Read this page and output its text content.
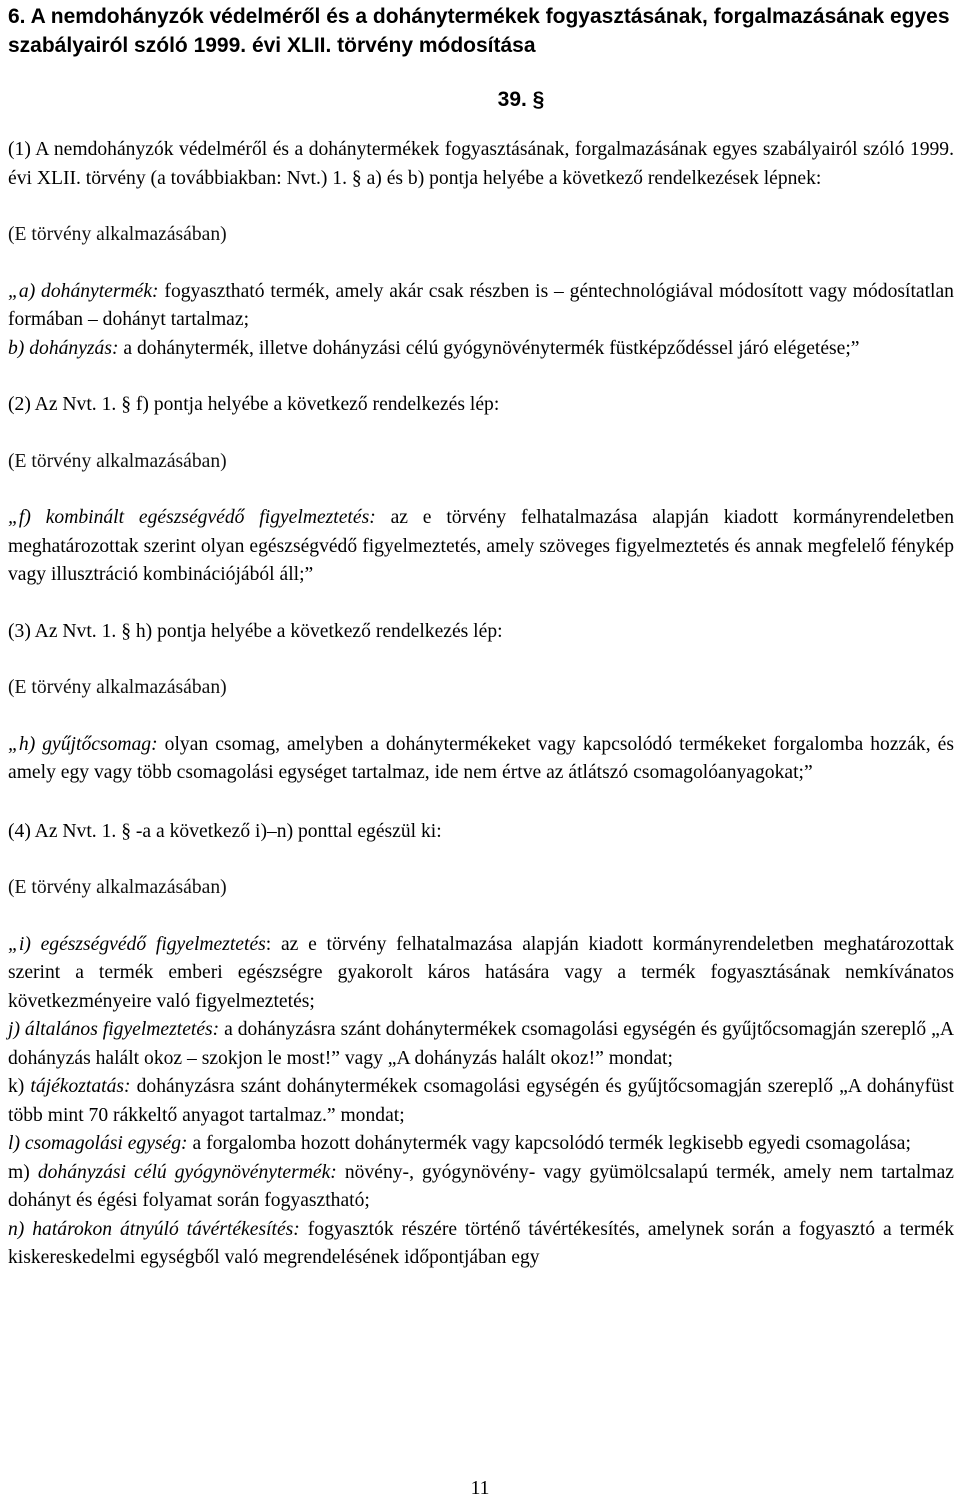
6. A nemdohányzók védelméről és a dohánytermékek fogyasztásának, forgalmazásának egyes szabályairól szóló 1999. évi XLII. törvény módosítása
39. §

(1) A nemdohányzók védelméről és a dohánytermékek fogyasztásának, forgalmazásának egyes szabályairól szóló 1999. évi XLII. törvény (a továbbiakban: Nvt.) 1. § a) és b) pontja helyébe a következő rendelkezések lépnek:

(E törvény alkalmazásában)

„a) dohánytermék: fogyasztható termék, amely akár csak részben is – géntechnológiával módosított vagy módosítatlan formában – dohányt tartalmaz;
b) dohányzás: a dohánytermék, illetve dohányzási célú gyógynövénytermék füstképződéssel járó elégetése;”

(2) Az Nvt. 1. § f) pontja helyébe a következő rendelkezés lép:

(E törvény alkalmazásában)

„f) kombinált egészségvédő figyelmeztetés: az e törvény felhatalmazása alapján kiadott kormányrendeletben meghatározottak szerint olyan egészségvédő figyelmeztetés, amely szöveges figyelmeztetés és annak megfelelő fénykép vagy illusztráció kombinációjából áll;”

(3) Az Nvt. 1. § h) pontja helyébe a következő rendelkezés lép:

(E törvény alkalmazásában)

„h) gyűjtőcsomag: olyan csomag, amelyben a dohánytermékeket vagy kapcsolódó termékeket forgalomba hozzák, és amely egy vagy több csomagolási egységet tartalmaz, ide nem értve az átlátszó csomagolóanyagokat;”

(4) Az Nvt. 1. § -a a következő i)–n) ponttal egészül ki:

(E törvény alkalmazásában)

„i) egészségvédő figyelmeztetés: az e törvény felhatalmazása alapján kiadott kormányrendeletben meghatározottak szerint a termék emberi egészségre gyakorolt káros hatására vagy a termék fogyasztásának nemkívánatos következményeire való figyelmeztetés;
j) általános figyelmeztetés: a dohányzásra szánt dohánytermékek csomagolási egységén és gyűjtőcsomagján szereplő „A dohányzás halált okoz – szokjon le most!” vagy „A dohányzás halált okoz!” mondat;
k) tájékoztatás: dohányzásra szánt dohánytermékek csomagolási egységén és gyűjtőcsomagján szereplő „A dohányfüst több mint 70 rákkeltő anyagot tartalmaz.” mondat;
l) csomagolási egység: a forgalomba hozott dohánytermék vagy kapcsolódó termék legkisebb egyedi csomagolása;
m) dohányzási célú gyógynövénytermék: növény-, gyógynövény- vagy gyümölcsalapú termék, amely nem tartalmaz dohányt és égési folyamat során fogyasztható;
n) határokon átnyúló távértékesítés: fogyasztók részére történő távértékesítés, amelynek során a fogyasztó a termék kiskereskedelmi egységből való megrendelésének időpontjában egy

11
